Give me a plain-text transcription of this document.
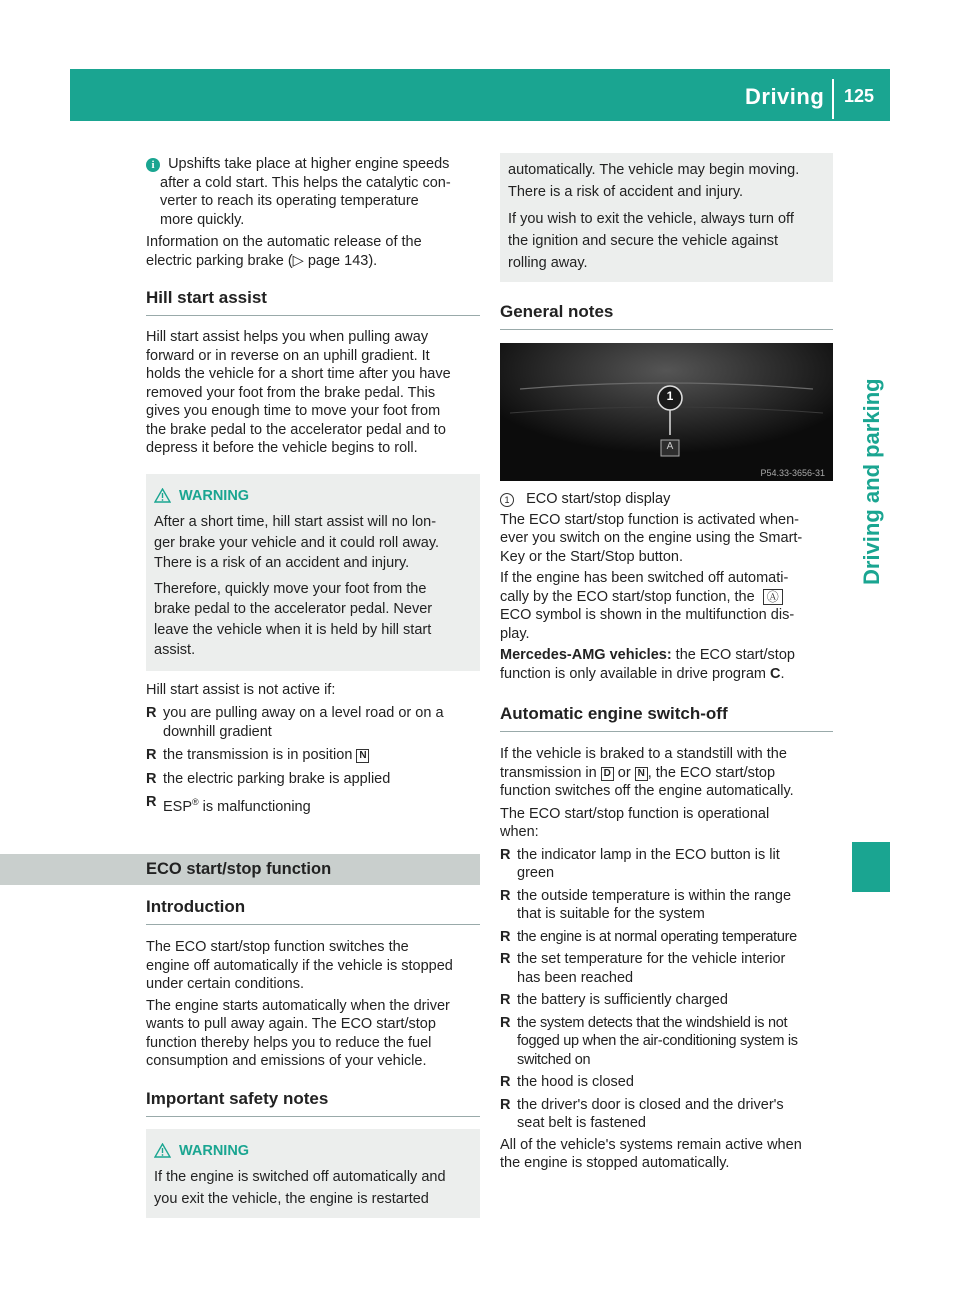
Driving 125
Driving and parking
i Upshifts take place at higher engine speeds
after a cold start. This helps the catalytic con-
verter to reach its operating temperature
more quickly.
Information on the automatic release of the
electric parking brake (▷ page 143).
Hill start assist
Hill start assist helps you when pulling away
forward or in reverse on an uphill gradient. It
holds the vehicle for a short time after you have
removed your foot from the brake pedal. This
gives you enough time to move your foot from
the brake pedal to the accelerator pedal and to
depress it before the vehicle begins to roll.
WARNING
After a short time, hill start assist will no lon-
ger brake your vehicle and it could roll away.
There is a risk of an accident and injury.
Therefore, quickly move your foot from the
brake pedal to the accelerator pedal. Never
leave the vehicle when it is held by hill start
assist.
Hill start assist is not active if:
R you are pulling away on a level road or on a
downhill gradient
R the transmission is in position N
R the electric parking brake is applied
R ESP® is malfunctioning
ECO start/stop function
Introduction
The ECO start/stop function switches the
engine off automatically if the vehicle is stopped
under certain conditions.
The engine starts automatically when the driver
wants to pull away again. The ECO start/stop
function thereby helps you to reduce the fuel
consumption and emissions of your vehicle.
Important safety notes
WARNING
If the engine is switched off automatically and
you exit the vehicle, the engine is restarted
automatically. The vehicle may begin moving.
There is a risk of accident and injury.
If you wish to exit the vehicle, always turn off
the ignition and secure the vehicle against
rolling away.
General notes
1
A
P54.33-3656-31
1 ECO start/stop display
The ECO start/stop function is activated when-
ever you switch on the engine using the Smart-
Key or the Start/Stop button.
If the engine has been switched off automati-
cally by the ECO start/stop function, the Ⓐ
ECO symbol is shown in the multifunction dis-
play.
Mercedes-AMG vehicles: the ECO start/stop
function is only available in drive program C.
Automatic engine switch-off
If the vehicle is braked to a standstill with the
transmission in D or N , the ECO start/stop
function switches off the engine automatically.
The ECO start/stop function is operational
when:
R the indicator lamp in the ECO button is lit
green
R the outside temperature is within the range
that is suitable for the system
R the engine is at normal operating temperature
R the set temperature for the vehicle interior
has been reached
R the battery is sufficiently charged
R the system detects that the windshield is not
fogged up when the air-conditioning system is
switched on
R the hood is closed
R the driver's door is closed and the driver's
seat belt is fastened
All of the vehicle's systems remain active when
the engine is stopped automatically.
